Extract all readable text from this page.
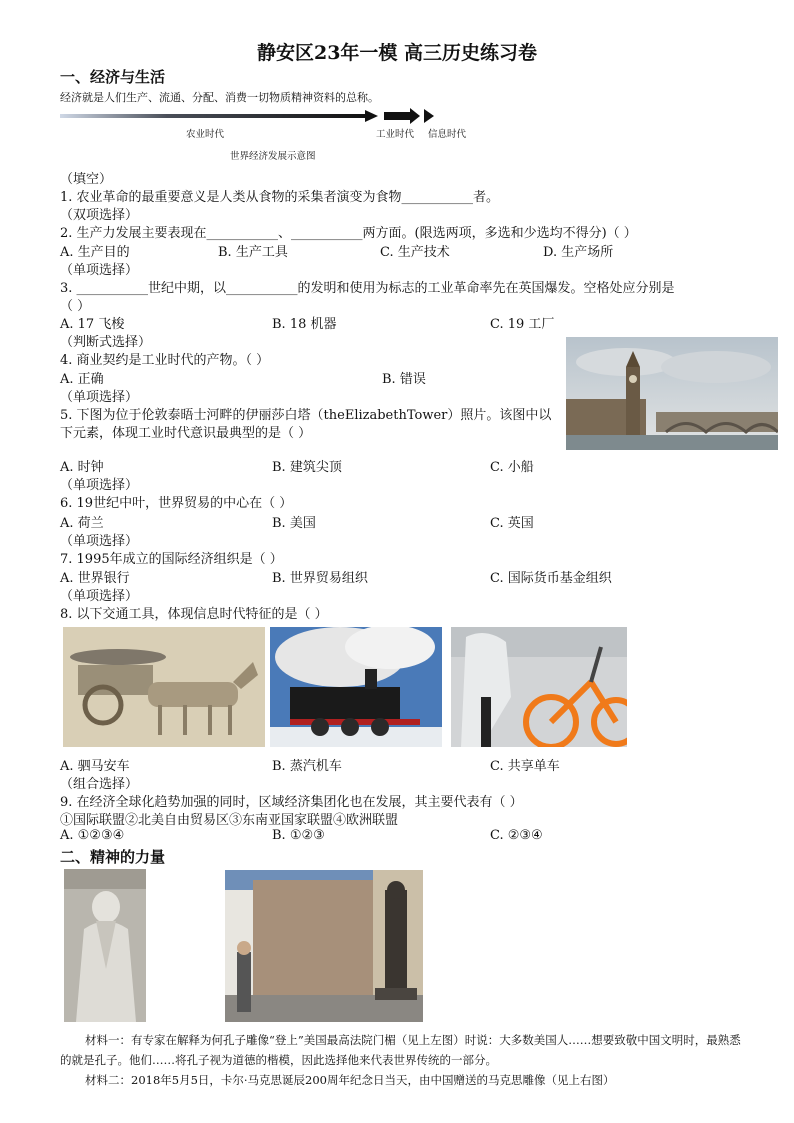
静安区23年一模 高三历史练习卷
一、经济与生活
经济就是人们生产、流通、分配、消费一切物质精神资料的总称。
农业时代	工业时代 信息时代
世界经济发展示意图
（填空）
1. 农业革命的最重要意义是人类从食物的采集者演变为食物___________者。
（双项选择）
2. 生产力发展主要表现在___________、___________两方面。(限选两项，多选和少选均不得分)（ ）
A. 生产目的	B. 生产工具	C. 生产技术	D. 生产场所
（单项选择）
3. ___________世纪中期，以___________的发明和使用为标志的工业革命率先在英国爆发。空格处应分别是
（ ）
A. 17 飞梭	B. 18 机器	C. 19 工厂
（判断式选择）
4. 商业契约是工业时代的产物。（ ）
A. 正确	B. 错误
（单项选择）
5. 下图为位于伦敦泰晤士河畔的伊丽莎白塔（theElizabethTower）照片。该图中以
下元素，体现工业时代意识最典型的是（ ）
A. 时钟	B. 建筑尖顶	C. 小船
（单项选择）
6. 19世纪中叶，世界贸易的中心在（ ）
A. 荷兰	B. 美国	C. 英国
（单项选择）
7. 1995年成立的国际经济组织是（ ）
A. 世界银行	B. 世界贸易组织	C. 国际货币基金组织
（单项选择）
8. 以下交通工具，体现信息时代特征的是（ ）
A. 驷马安车	B. 蒸汽机车	C. 共享单车
（组合选择）
9. 在经济全球化趋势加强的同时，区域经济集团化也在发展，其主要代表有（ ）
①国际联盟②北美自由贸易区③东南亚国家联盟④欧洲联盟
A. ①②③④	B. ①②③	C. ②③④
二、精神的力量
材料一：有专家在解释为何孔子雕像“登上”美国最高法院门楣（见上左图）时说：大多数美国人……想要致敬中国文明时，最熟悉的就是孔子。他们……将孔子视为道德的楷模，因此选择他来代表世界传统的一部分。
材料二：2018年5月5日，卡尔·马克思诞辰200周年纪念日当天，由中国赠送的马克思雕像（见上右图）
